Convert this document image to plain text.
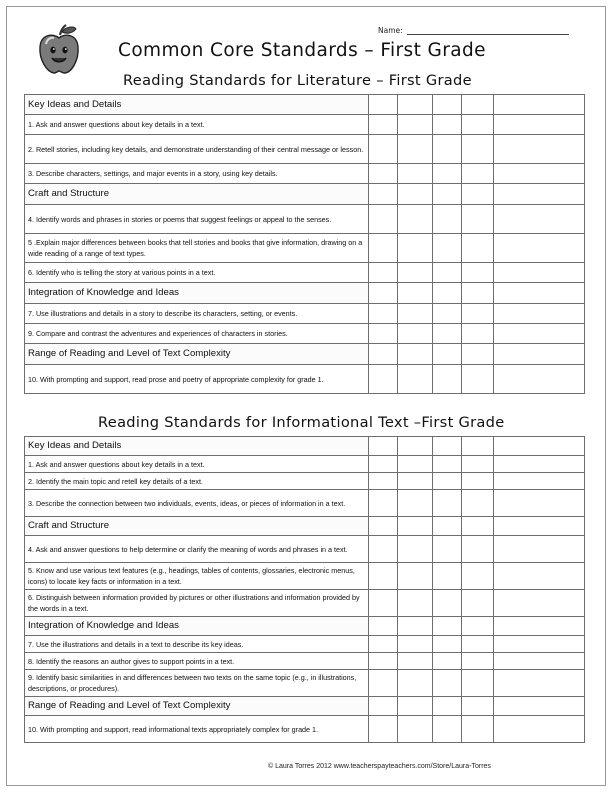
Name:
Common Core Standards – First Grade
Reading Standards for Literature – First Grade
Key Ideas and Details					
1. Ask and answer questions about key details in a text.					
2. Retell stories, including key details, and demonstrate understanding of their central message or lesson.					
3. Describe characters, settings, and major events in a story, using key details.					
Craft and Structure					
4. Identify words and phrases in stories or poems that suggest feelings or appeal to the senses.					
5 .Explain major differences between books that tell stories and books that give information, drawing on a wide reading of a range of text types.					
6. Identify who is telling the story at various points in a text.					
Integration of Knowledge and Ideas					
7. Use illustrations and details in a story to describe its characters, setting, or events.					
9. Compare and contrast the adventures and experiences of characters in stories.					
Range of Reading and Level of Text Complexity					
10. With prompting and support, read prose and poetry of appropriate complexity for grade 1.					
Reading Standards for Informational Text –First Grade
Key Ideas and Details					
1. Ask and answer questions about key details in a text.					
2. Identify the main topic and retell key details of a text.					
3. Describe the connection between two individuals, events, ideas, or pieces of information in a text.					
Craft and Structure					
4. Ask and answer questions to help determine or clarify the meaning of words and phrases in a text.					
5. Know and use various text features (e.g., headings, tables of contents, glossaries, electronic menus, icons) to locate key facts or information in a text.					
6. Distinguish between information provided by pictures or other illustrations and information provided by the words in a text.					
Integration of Knowledge and Ideas					
7. Use the illustrations and details in a text to describe its key ideas.					
8. Identify the reasons an author gives to support points in a text.					
9. Identify basic similarities in and differences between two texts on the same topic (e.g., in illustrations, descriptions, or procedures).					
Range of Reading and Level of Text Complexity					
10. With prompting and support, read informational texts appropriately complex for grade 1.					
© Laura Torres 2012 www.teacherspayteachers.com/Store/Laura-Torres
